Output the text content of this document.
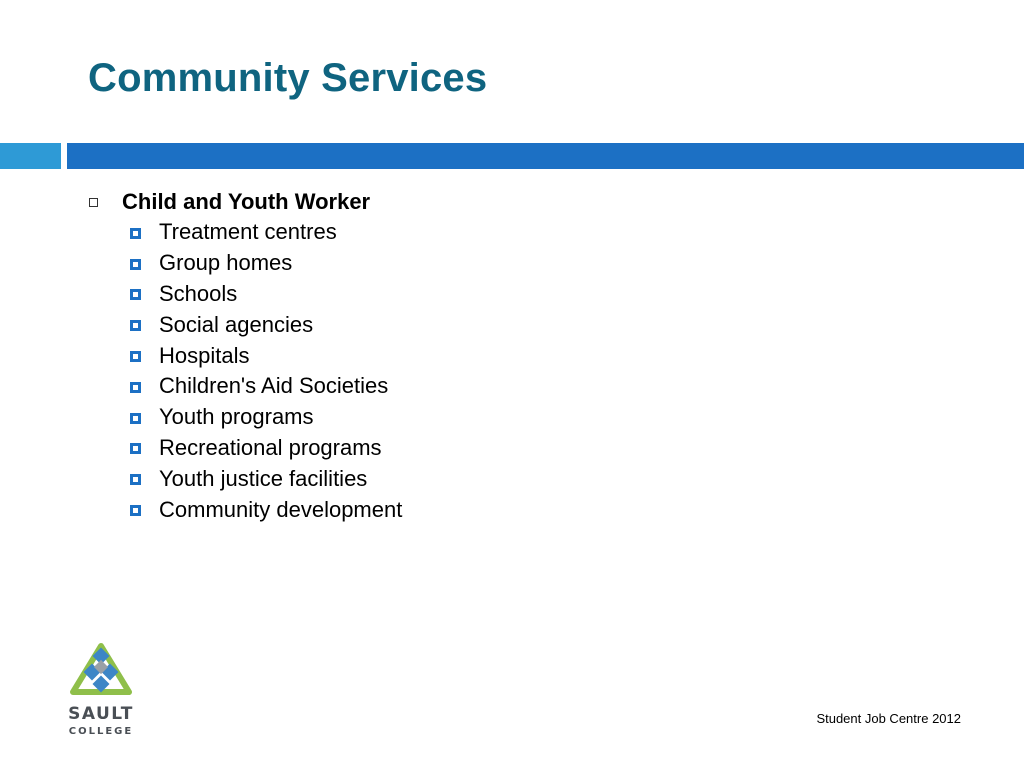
Community Services
Child and Youth Worker
Treatment centres
Group homes
Schools
Social agencies
Hospitals
Children's Aid Societies
Youth programs
Recreational programs
Youth justice facilities
Community development
SAULT
COLLEGE
Student Job Centre 2012
